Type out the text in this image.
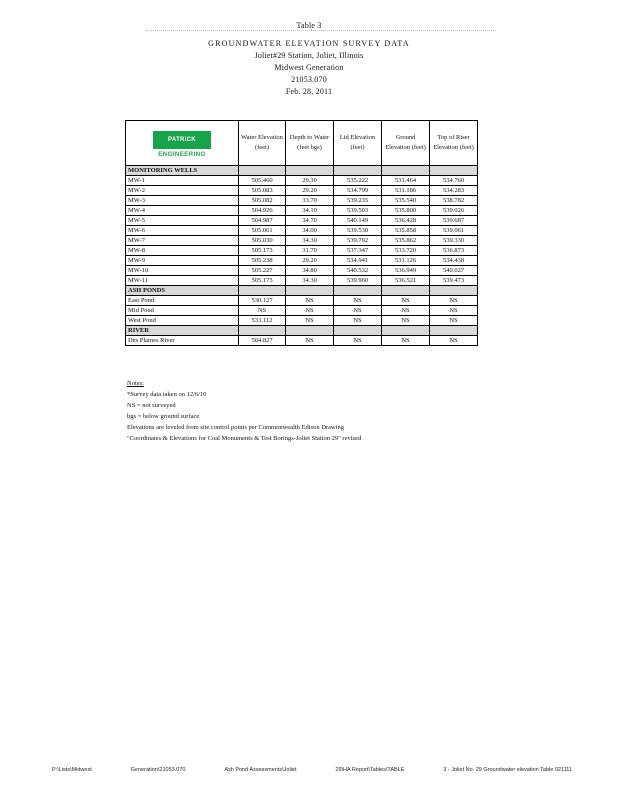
Table 3
GROUNDWATER ELEVATION SURVEY DATA
Joliet#29 Station, Joliet, Illinois
Midwest Generation
21053.070
Feb. 28, 2011
PATRICK
ENGINEERING	Water Elevation (feet)	Depth to Water (feet bgs)	Lid Elevation (feet)	Ground Elevation (feet)	Top of Riser Elevation (feet)
MONITORING WELLS					
MW-1	505.460	29.30	535.222	531.464	534.760
MW-2	505.083	29.20	534.799	531.186	534.283
MW-3	505.082	33.70	539.235	535.540	538.782
MW-4	504.926	34.10	539.503	535.800	539.026
MW-5	504.987	34.70	540.149	536.428	539.687
MW-6	505.061	34.00	539.530	535.858	539.061
MW-7	505.030	34.30	539.792	535.862	539.330
MW-8	505.173	31.70	537.347	533.720	536.873
MW-9	505.238	29.20	534.941	531.126	534.438
MW-10	505.227	34.80	540.532	536.949	540.027
MW-11	505.173	34.30	539.960	536.521	539.473
ASH PONDS					
East Pond	530.127	NS	NS	NS	NS
Mid Pond	NS	NS	NS	NS	NS
West Pond	533.112	NS	NS	NS	NS
RIVER					
Des Plaines River	504.827	NS	NS	NS	NS
Notes:
*Survey data taken on 12/6/10
NS = not surveyed
bgs = below ground surface
Elevations are leveled from site control points per Commonwealth Edison Drawing
"Coordinates & Elevations for Coal Monuments & Test Borings-Joliet Station 29" revised
P:\Lists\Midwest	Generation\21053.070	Ash Pond Assessments\Joliet	29\HA Report\Tables\TABLE	3 - Joliet No. 29 Groundwater elevation Table 021111
